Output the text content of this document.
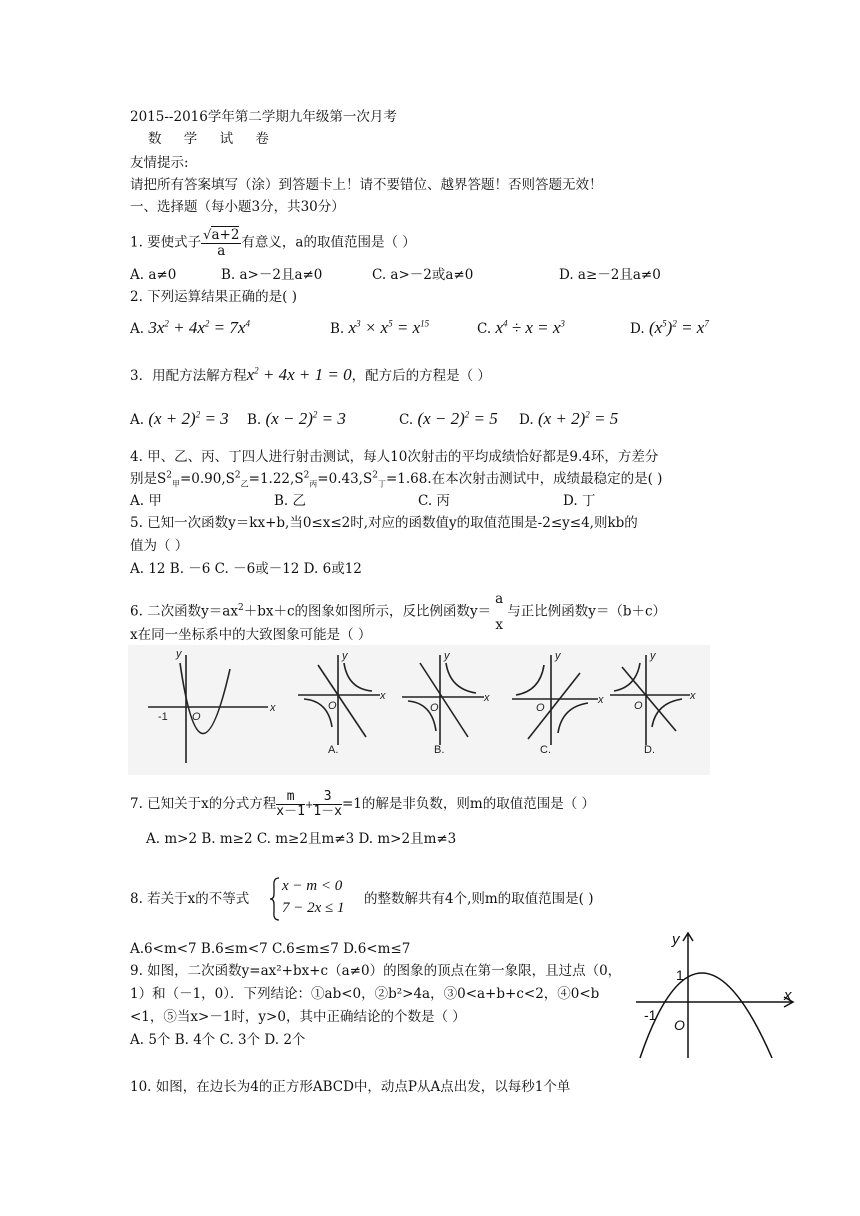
2015--2016学年第二学期九年级第一次月考
数 学 试 卷
友情提示:
请把所有答案填写（涂）到答题卡上！请不要错位、越界答题！否则答题无效！
一、选择题（每小题3分，共30分）
1. 要使式子 $\frac{√a+2}{a}$ 有意义，a的取值范围是（ ）
A. a≠0	B. a>－2且a≠0	C. a>－2或a≠0	D. a≥－2且a≠0
2. 下列运算结果正确的是( )
A. $3x^2 + 4x^2 = 7x^4$	B. $x^3 \times x^5 = x^{15}$	C. $x^4 \div x = x^3$	D. $(x^5)^2 = x^7$
3．用配方法解方程$x^2 + 4x + 1 = 0$，配方后的方程是（ ）
A. $(x + 2)^2 = 3$ B. $(x - 2)^2 = 3$	C. $(x - 2)^2 = 5$ D. $(x + 2)^2 = 5$
4. 甲、乙、丙、丁四人进行射击测试，每人10次射击的平均成绩恰好都是9.4环，方差分
别是$S^2_甲=0.90,S^2_乙=1.22,S^2_丙=0.43,S^2_丁=1.68$.在本次射击测试中，成绩最稳定的是( )
A. 甲	B. 乙	C. 丙	D. 丁
5. 已知一次函数y＝kx+b,当0≤x≤2时,对应的函数值y的取值范围是-2≤y≤4,则kb的
值为（ ）
A. 12 B. －6 C. －6或－12 D. 6或12
6. 二次函数$y=ax^2+bx+c$的图象如图所示，反比例函数y＝
a
x
与正比例函数y＝（b＋c）
x在同一坐标系中的大致图象可能是（ ）
y
x
O
-1
y
x
O
A.
y
x
O
B.
y
x
O
C.
y
x
O
D.
7. 已知关于x的分式方程 $\frac{m}{x-1} + \frac{3}{1-x} =1$的解是非负数，则m的取值范围是（ ）
A. m>2 B. m≥2 C. m≥2且m≠3 D. m>2且m≠3
8. 若关于x的不等式
x − m < 0
7 − 2x ≤ 1
的整数解共有4个,则m的取值范围是( )
A.6<m<7 B.6≤m<7 C.6≤m≤7 D.6<m≤7
9. 如图，二次函数y=ax²+bx+c（a≠0）的图象的顶点在第一象限，且过点（0，
1）和（－1，0）．下列结论：①ab<0，②b²>4a，③0<a+b+c<2，④0<b
<1，⑤当x>－1时，y>0，其中正确结论的个数是（ ）
A. 5个 B. 4个 C. 3个 D. 2个
y
x
O
1
-1
10. 如图，在边长为4的正方形ABCD中，动点P从A点出发，以每秒1个单
